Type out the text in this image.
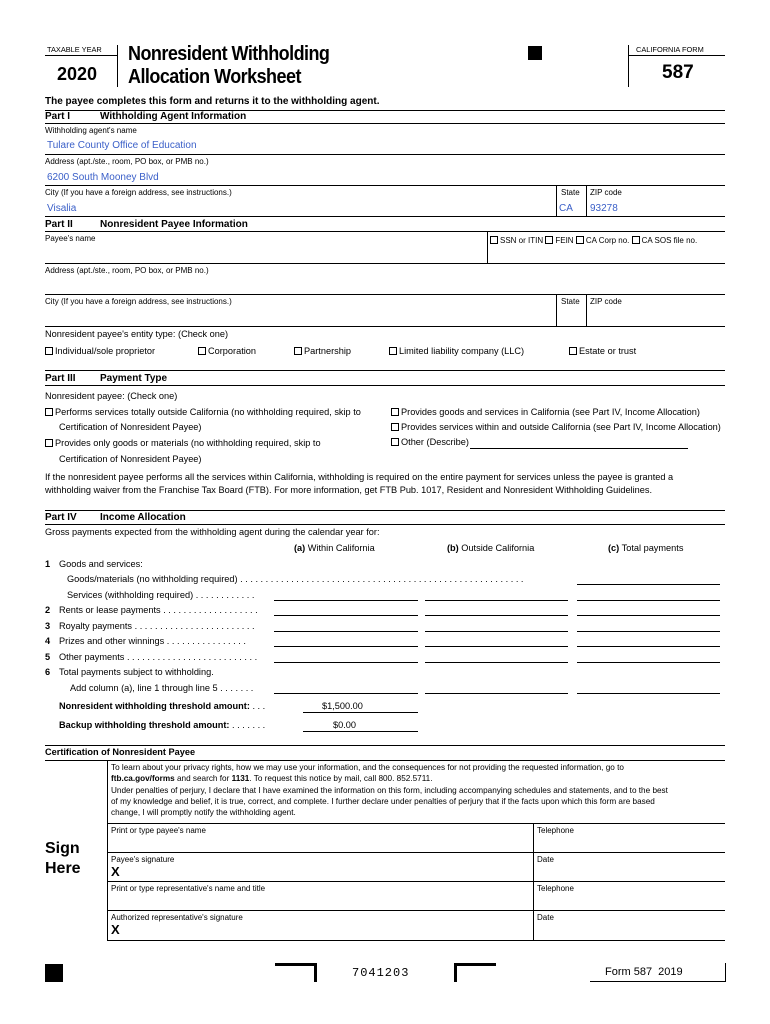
TAXABLE YEAR
2020
Nonresident Withholding
Allocation Worksheet
CALIFORNIA FORM
587
The payee completes this form and returns it to the withholding agent.
Part I	Withholding Agent Information
Withholding agent's name
Tulare County Office of Education
Address (apt./ste., room, PO box, or PMB no.)
6200 South Mooney Blvd
City (If you have a foreign address, see instructions.)	State ZIP code
Visalia	CA 93278
Part II	Nonresident Payee Information
Payee's name	SSN or ITIN FEIN CA Corp no. CA SOS file no.
Address (apt./ste., room, PO box, or PMB no.)
City (If you have a foreign address, see instructions.)	State ZIP code
Nonresident payee's entity type: (Check one)
Individual/sole proprietor	Corporation	Partnership	Limited liability company (LLC)	Estate or trust
Part III Payment Type
Nonresident payee: (Check one)
Performs services totally outside California (no withholding required, skip to
Certification of Nonresident Payee)
Provides only goods or materials (no withholding required, skip to
Certification of Nonresident Payee)
Provides goods and services in California (see Part IV, Income Allocation)
Provides services within and outside California (see Part IV, Income Allocation)
Other (Describe)
If the nonresident payee performs all the services within California, withholding is required on the entire payment for services unless the payee is granted a
withholding waiver from the Franchise Tax Board (FTB). For more information, get FTB Pub. 1017, Resident and Nonresident Withholding Guidelines.
Part IV Income Allocation
Gross payments expected from the withholding agent during the calendar year for:
(a) Within California	(b) Outside California	(c) Total payments
1 Goods and services:
Goods/materials (no withholding required) . . . . . . . . . . . . . . . . . . . . . . . . . . . . . . . . . . . . . . . . . . . . . . . . . . . . . . . .
Services (withholding required) . . . . . . . . . . . .
2 Rents or lease payments . . . . . . . . . . . . . . . . . . .
3 Royalty payments . . . . . . . . . . . . . . . . . . . . . . . .
4 Prizes and other winnings . . . . . . . . . . . . . . . .
5 Other payments . . . . . . . . . . . . . . . . . . . . . . . . . .
6 Total payments subject to withholding.
Add column (a), line 1 through line 5 . . . . . . .
Nonresident withholding threshold amount: . . .	$1,500.00
Backup withholding threshold amount: . . . . . . .	$0.00
Certification of Nonresident Payee
To learn about your privacy rights, how we may use your information, and the consequences for not providing the requested information, go to
ftb.ca.gov/forms and search for 1131. To request this notice by mail, call 800. 852.5711.
Under penalties of perjury, I declare that I have examined the information on this form, including accompanying schedules and statements, and to the best
of my knowledge and belief, it is true, correct, and complete. I further declare under penalties of perjury that if the facts upon which this form are based
change, I will promptly notify the withholding agent.
Sign
Here
Print or type payee's name	Telephone
Payee's signature
X
Date
Print or type representative's name and title	Telephone
Authorized representative's signature
X
Date
7041203	Form 587  2019
